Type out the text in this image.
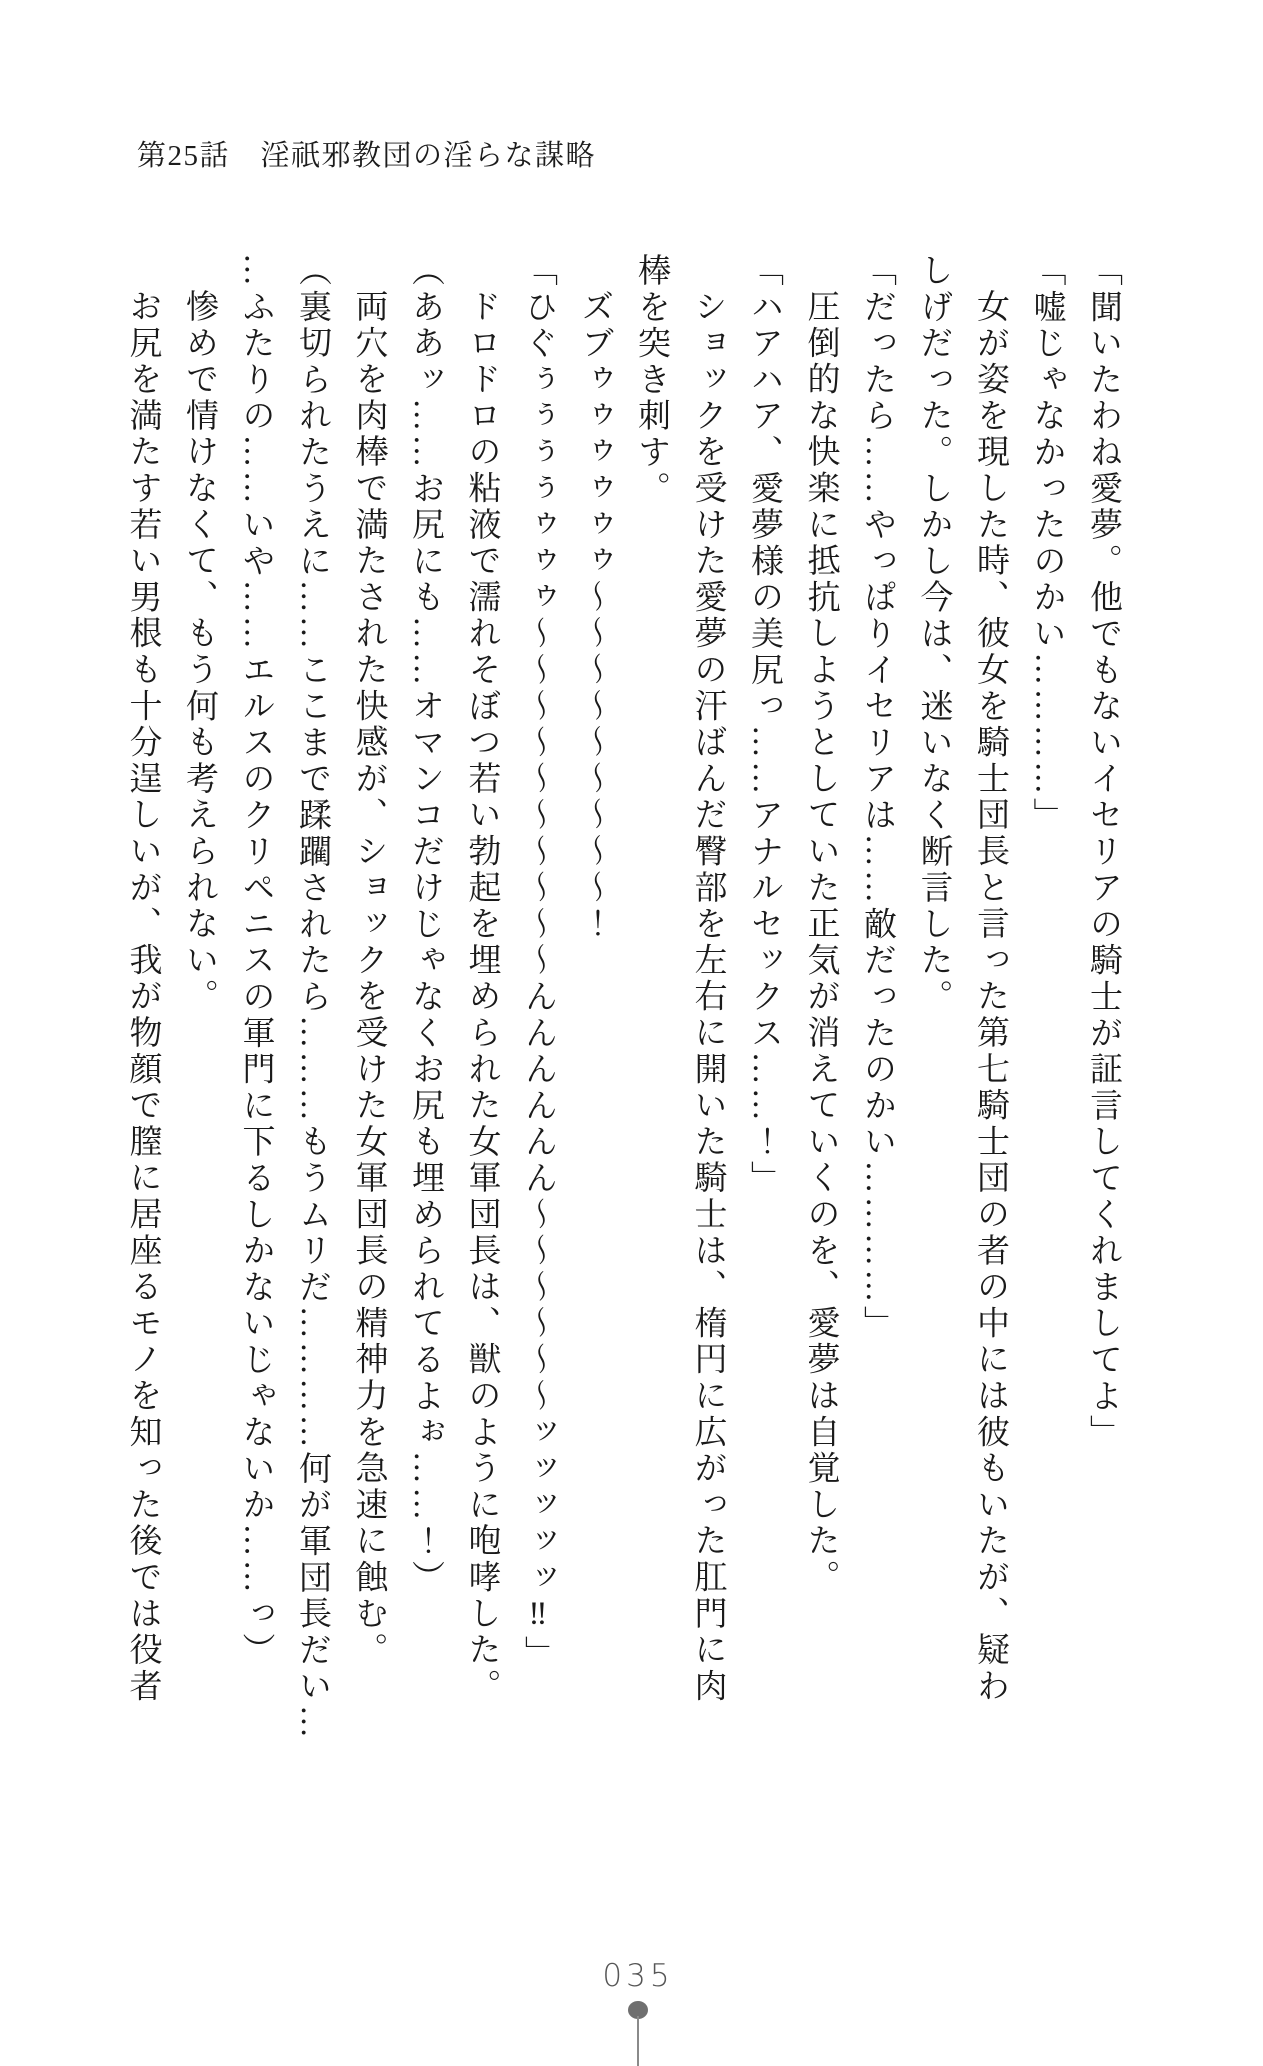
第25話　淫祇邪教団の淫らな謀略

「聞いたわね愛夢。他でもないイセリアの騎士が証言してくれましてよ」

「嘘じゃなかったのかい…………」

女が姿を現した時、彼女を騎士団長と言った第七騎士団の者の中には彼もいたが、疑わ

しげだった。しかし今は、迷いなく断言した。

「だったら……やっぱりイセリアは……敵だったのかい…………」

圧倒的な快楽に抵抗しようとしていた正気が消えていくのを、愛夢は自覚した。

「ハアハア、愛夢様の美尻っ……アナルセックス……！」

ショックを受けた愛夢の汗ばんだ臀部を左右に開いた騎士は、楕円に広がった肛門に肉

棒を突き刺す。

ズブゥゥゥゥゥゥ～～～～～～～～～！

「ひぐぅぅぅぅゥゥゥ～～～～～～～～～～んんんんんん～～～～～～ッッッッッ‼」

ドロドロの粘液で濡れそぼつ若い勃起を埋められた女軍団長は、獣のように咆哮した。

（ああッ……お尻にも……オマンコだけじゃなくお尻も埋められてるよぉ……！）

両穴を肉棒で満たされた快感が、ショックを受けた女軍団長の精神力を急速に蝕む。

（裏切られたうえに……ここまで蹂躙されたら………もうムリだ…………何が軍団長だい…

…ふたりの……いや……エルスのクリペニスの軍門に下るしかないじゃないか……っ）

惨めで情けなくて、もう何も考えられない。

お尻を満たす若い男根も十分逞しいが、我が物顔で膣に居座るモノを知った後では役者

035
